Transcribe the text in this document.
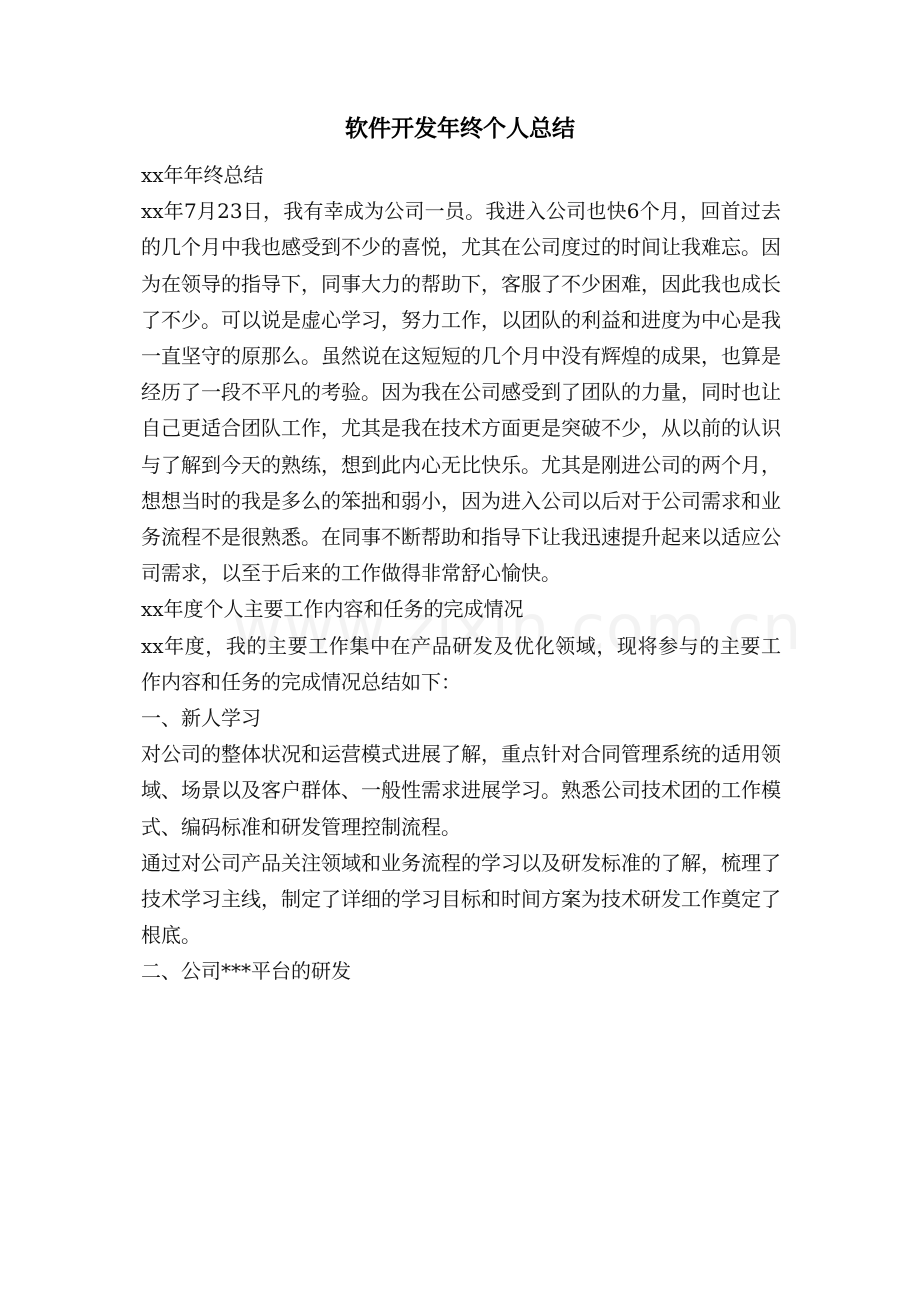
软件开发年终个人总结

xx年年终总结

xx年7月23日，我有幸成为公司一员。我进入公司也快6个月，回首过去的几个月中我也感受到不少的喜悦，尤其在公司度过的时间让我难忘。因为在领导的指导下，同事大力的帮助下，客服了不少困难，因此我也成长了不少。可以说是虚心学习，努力工作，以团队的利益和进度为中心是我一直坚守的原那么。虽然说在这短短的几个月中没有辉煌的成果，也算是经历了一段不平凡的考验。因为我在公司感受到了团队的力量，同时也让自己更适合团队工作，尤其是我在技术方面更是突破不少，从以前的认识与了解到今天的熟练，想到此内心无比快乐。尤其是刚进公司的两个月，想想当时的我是多么的笨拙和弱小，因为进入公司以后对于公司需求和业务流程不是很熟悉。在同事不断帮助和指导下让我迅速提升起来以适应公司需求，以至于后来的工作做得非常舒心愉快。

xx年度个人主要工作内容和任务的完成情况

xx年度，我的主要工作集中在产品研发及优化领域，现将参与的主要工作内容和任务的完成情况总结如下：

一、新人学习

对公司的整体状况和运营模式进展了解，重点针对合同管理系统的适用领域、场景以及客户群体、一般性需求进展学习。熟悉公司技术团的工作模式、编码标准和研发管理控制流程。

通过对公司产品关注领域和业务流程的学习以及研发标准的了解，梳理了技术学习主线，制定了详细的学习目标和时间方案为技术研发工作奠定了根底。

二、公司***平台的研发
